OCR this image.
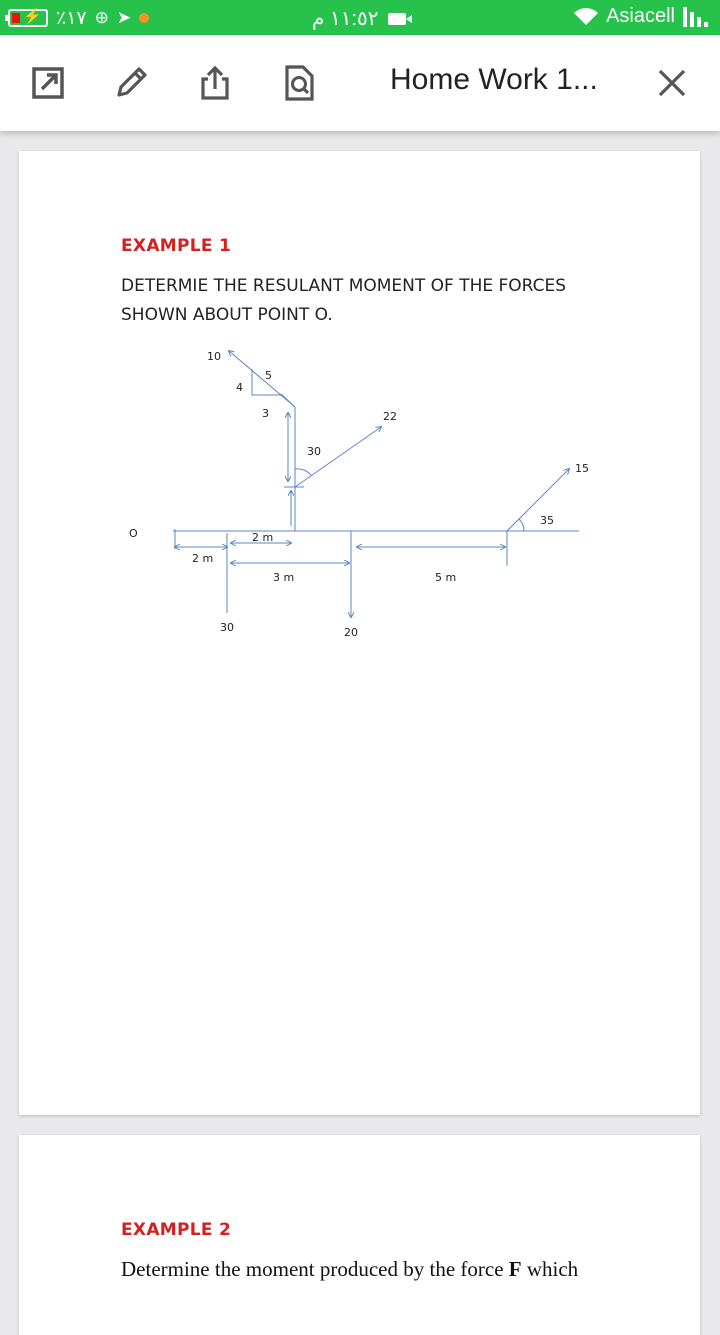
⚡ ٪١٧ ⊕ ➤	١١:٥٢ م	Asiacell
Home Work 1...
EXAMPLE 1
DETERMIE THE RESULANT MOMENT OF THE FORCES SHOWN ABOUT POINT O.
10
5
4
3	22
30
15
35
O
2 m
2 m
3 m	5 m
30	20
EXAMPLE 2
Determine the moment produced by the force F which
